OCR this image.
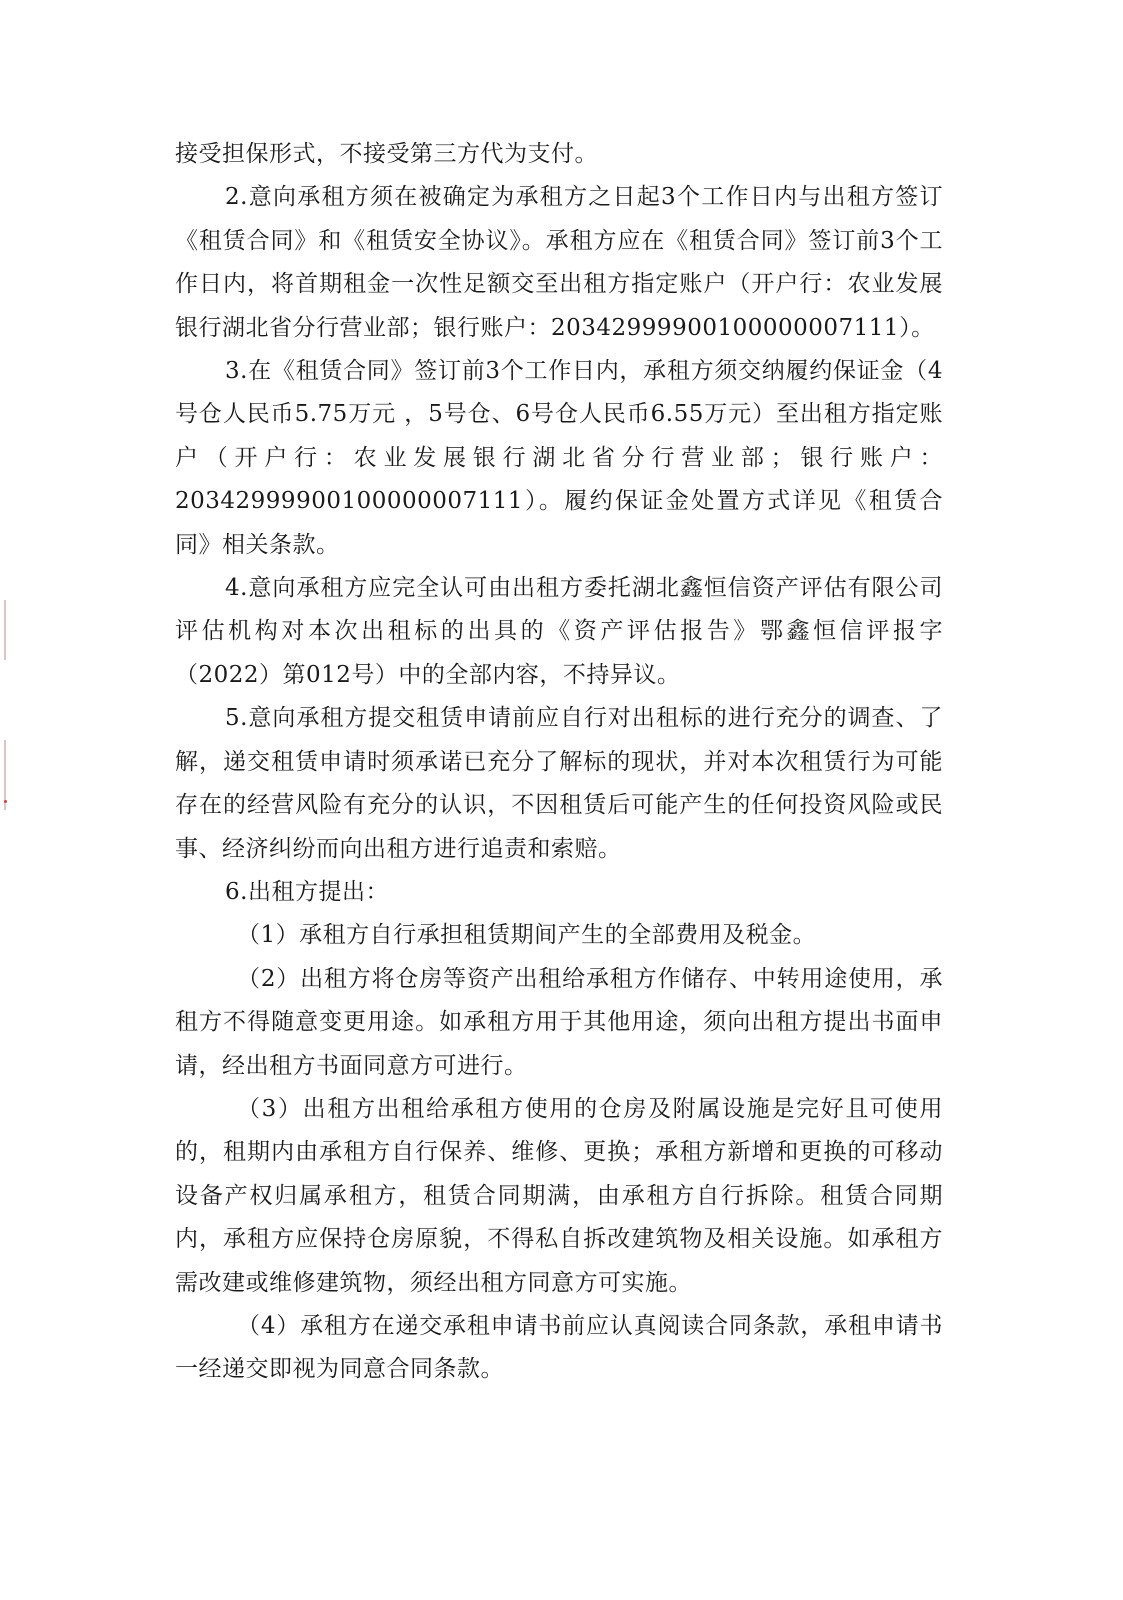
接受担保形式，不接受第三方代为支付。

2.意向承租方须在被确定为承租方之日起3个工作日内与出租方签订《租赁合同》和《租赁安全协议》。承租方应在《租赁合同》签订前3个工作日内，将首期租金一次性足额交至出租方指定账户（开户行：农业发展银行湖北省分行营业部；银行账户：20342999900100000007111）。

3.在《租赁合同》签订前3个工作日内，承租方须交纳履约保证金（4号仓人民币5.75万元 ，5号仓、6号仓人民币6.55万元）至出租方指定账户（开户行：农业发展银行湖北省分行营业部；银行账户：20342999900100000007111）。履约保证金处置方式详见《租赁合同》相关条款。

4.意向承租方应完全认可由出租方委托湖北鑫恒信资产评估有限公司评估机构对本次出租标的出具的《资产评估报告》鄂鑫恒信评报字（2022）第012号）中的全部内容，不持异议。

5.意向承租方提交租赁申请前应自行对出租标的进行充分的调查、了解，递交租赁申请时须承诺已充分了解标的现状，并对本次租赁行为可能存在的经营风险有充分的认识，不因租赁后可能产生的任何投资风险或民事、经济纠纷而向出租方进行追责和索赔。

6.出租方提出：

（1）承租方自行承担租赁期间产生的全部费用及税金。

（2）出租方将仓房等资产出租给承租方作储存、中转用途使用，承租方不得随意变更用途。如承租方用于其他用途，须向出租方提出书面申请，经出租方书面同意方可进行。

（3）出租方出租给承租方使用的仓房及附属设施是完好且可使用的，租期内由承租方自行保养、维修、更换；承租方新增和更换的可移动设备产权归属承租方，租赁合同期满，由承租方自行拆除。租赁合同期内，承租方应保持仓房原貌，不得私自拆改建筑物及相关设施。如承租方需改建或维修建筑物，须经出租方同意方可实施。

（4）承租方在递交承租申请书前应认真阅读合同条款，承租申请书一经递交即视为同意合同条款。
